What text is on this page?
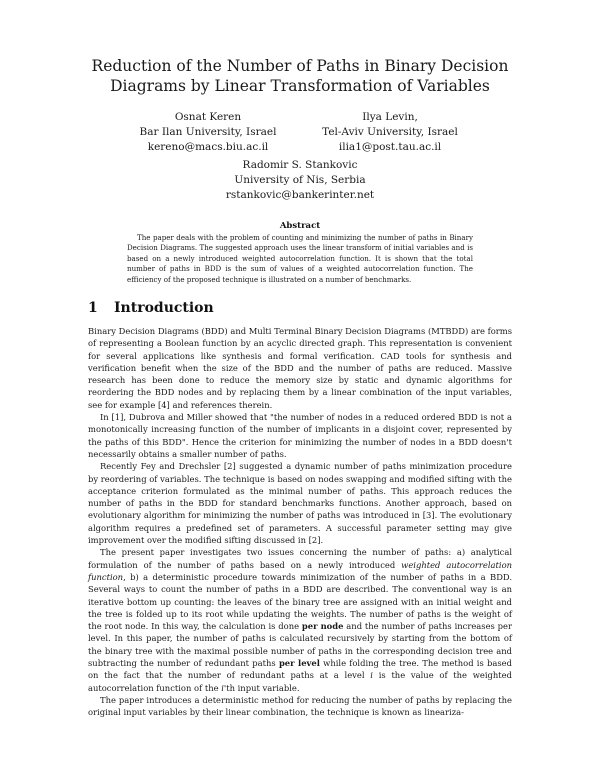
Reduction of the Number of Paths in Binary Decision
Diagrams by Linear Transformation of Variables
Osnat Keren
Bar Ilan University, Israel
kereno@macs.biu.ac.il
Ilya Levin,
Tel-Aviv University, Israel
ilia1@post.tau.ac.il
Radomir S. Stankovic
University of Nis, Serbia
rstankovic@bankerinter.net
Abstract

The paper deals with the problem of counting and minimizing the number of paths in Binary Decision Diagrams. The suggested approach uses the linear transform of initial variables and is based on a newly introduced weighted autocorrelation function. It is shown that the total number of paths in BDD is the sum of values of a weighted autocorrelation function. The efficiency of the proposed technique is illustrated on a number of benchmarks.

1 Introduction

Binary Decision Diagrams (BDD) and Multi Terminal Binary Decision Diagrams (MTBDD) are forms of representing a Boolean function by an acyclic directed graph. This representation is convenient for several applications like synthesis and formal verification. CAD tools for synthesis and verification benefit when the size of the BDD and the number of paths are reduced. Massive research has been done to reduce the memory size by static and dynamic algorithms for reordering the BDD nodes and by replacing them by a linear combination of the input variables, see for example [4] and references therein.

In [1], Dubrova and Miller showed that "the number of nodes in a reduced ordered BDD is not a monotonically increasing function of the number of implicants in a disjoint cover, represented by the paths of this BDD". Hence the criterion for minimizing the number of nodes in a BDD doesn't necessarily obtains a smaller number of paths.

Recently Fey and Drechsler [2] suggested a dynamic number of paths minimization procedure by reordering of variables. The technique is based on nodes swapping and modified sifting with the acceptance criterion formulated as the minimal number of paths. This approach reduces the number of paths in the BDD for standard benchmarks functions. Another approach, based on evolutionary algorithm for minimizing the number of paths was introduced in [3]. The evolutionary algorithm requires a predefined set of parameters. A successful parameter setting may give improvement over the modified sifting discussed in [2].

The present paper investigates two issues concerning the number of paths: a) analytical formulation of the number of paths based on a newly introduced weighted autocorrelation function, b) a deterministic procedure towards minimization of the number of paths in a BDD. Several ways to count the number of paths in a BDD are described. The conventional way is an iterative bottom up counting: the leaves of the binary tree are assigned with an initial weight and the tree is folded up to its root while updating the weights. The number of paths is the weight of the root node. In this way, the calculation is done per node and the number of paths increases per level. In this paper, the number of paths is calculated recursively by starting from the bottom of the binary tree with the maximal possible number of paths in the corresponding decision tree and subtracting the number of redundant paths per level while folding the tree. The method is based on the fact that the number of redundant paths at a level i is the value of the weighted autocorrelation function of the i'th input variable.

The paper introduces a deterministic method for reducing the number of paths by replacing the original input variables by their linear combination, the technique is known as lineariza-
